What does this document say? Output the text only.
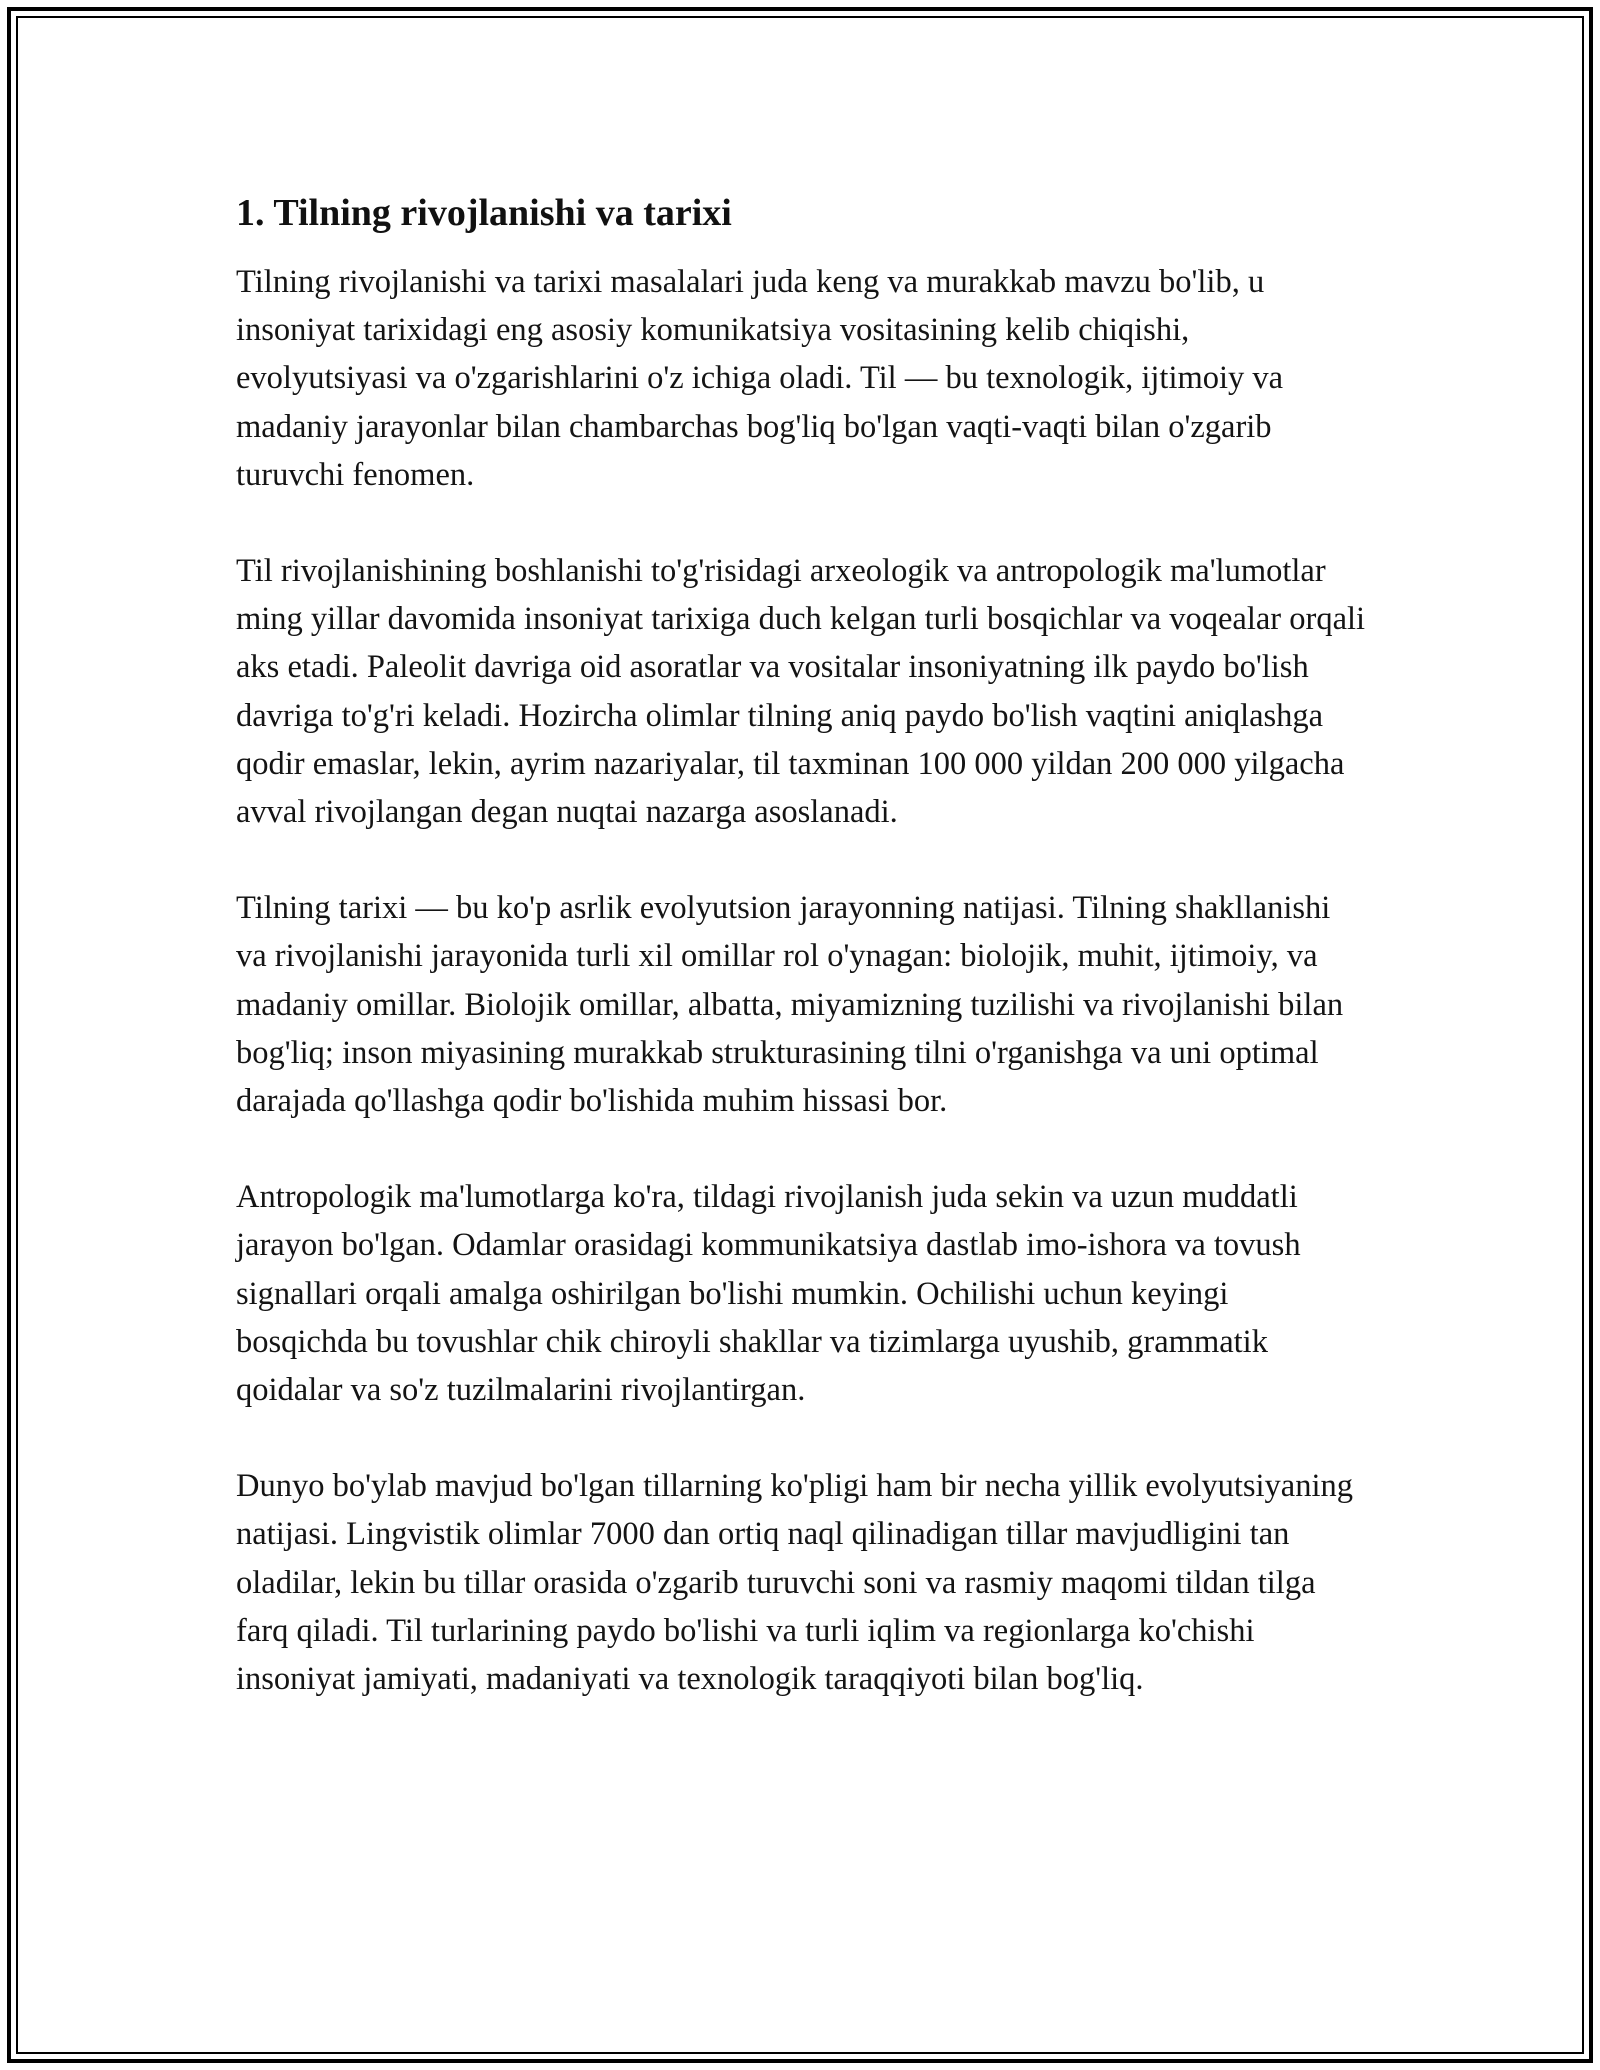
1. Tilning rivojlanishi va tarixi

Tilning rivojlanishi va tarixi masalalari juda keng va murakkab mavzu bo'lib, u insoniyat tarixidagi eng asosiy komunikatsiya vositasining kelib chiqishi, evolyutsiyasi va o'zgarishlarini o'z ichiga oladi. Til — bu texnologik, ijtimoiy va madaniy jarayonlar bilan chambarchas bog'liq bo'lgan vaqti-vaqti bilan o'zgarib turuvchi fenomen.

Til rivojlanishining boshlanishi to'g'risidagi arxeologik va antropologik ma'lumotlar ming yillar davomida insoniyat tarixiga duch kelgan turli bosqichlar va voqealar orqali aks etadi. Paleolit davriga oid asoratlar va vositalar insoniyatning ilk paydo bo'lish davriga to'g'ri keladi. Hozircha olimlar tilning aniq paydo bo'lish vaqtini aniqlashga qodir emaslar, lekin, ayrim nazariyalar, til taxminan 100 000 yildan 200 000 yilgacha avval rivojlangan degan nuqtai nazarga asoslanadi.

Tilning tarixi — bu ko'p asrlik evolyutsion jarayonning natijasi. Tilning shakllanishi va rivojlanishi jarayonida turli xil omillar rol o'ynagan: biolojik, muhit, ijtimoiy, va madaniy omillar. Biolojik omillar, albatta, miyamizning tuzilishi va rivojlanishi bilan bog'liq; inson miyasining murakkab strukturasining tilni o'rganishga va uni optimal darajada qo'llashga qodir bo'lishida muhim hissasi bor.

Antropologik ma'lumotlarga ko'ra, tildagi rivojlanish juda sekin va uzun muddatli jarayon bo'lgan. Odamlar orasidagi kommunikatsiya dastlab imo-ishora va tovush signallari orqali amalga oshirilgan bo'lishi mumkin. Ochilishi uchun keyingi bosqichda bu tovushlar chik chiroyli shakllar va tizimlarga uyushib, grammatik qoidalar va so'z tuzilmalarini rivojlantirgan.

Dunyo bo'ylab mavjud bo'lgan tillarning ko'pligi ham bir necha yillik evolyutsiyaning natijasi. Lingvistik olimlar 7000 dan ortiq naql qilinadigan tillar mavjudligini tan oladilar, lekin bu tillar orasida o'zgarib turuvchi soni va rasmiy maqomi tildan tilga farq qiladi. Til turlarining paydo bo'lishi va turli iqlim va regionlarga ko'chishi insoniyat jamiyati, madaniyati va texnologik taraqqiyoti bilan bog'liq.
